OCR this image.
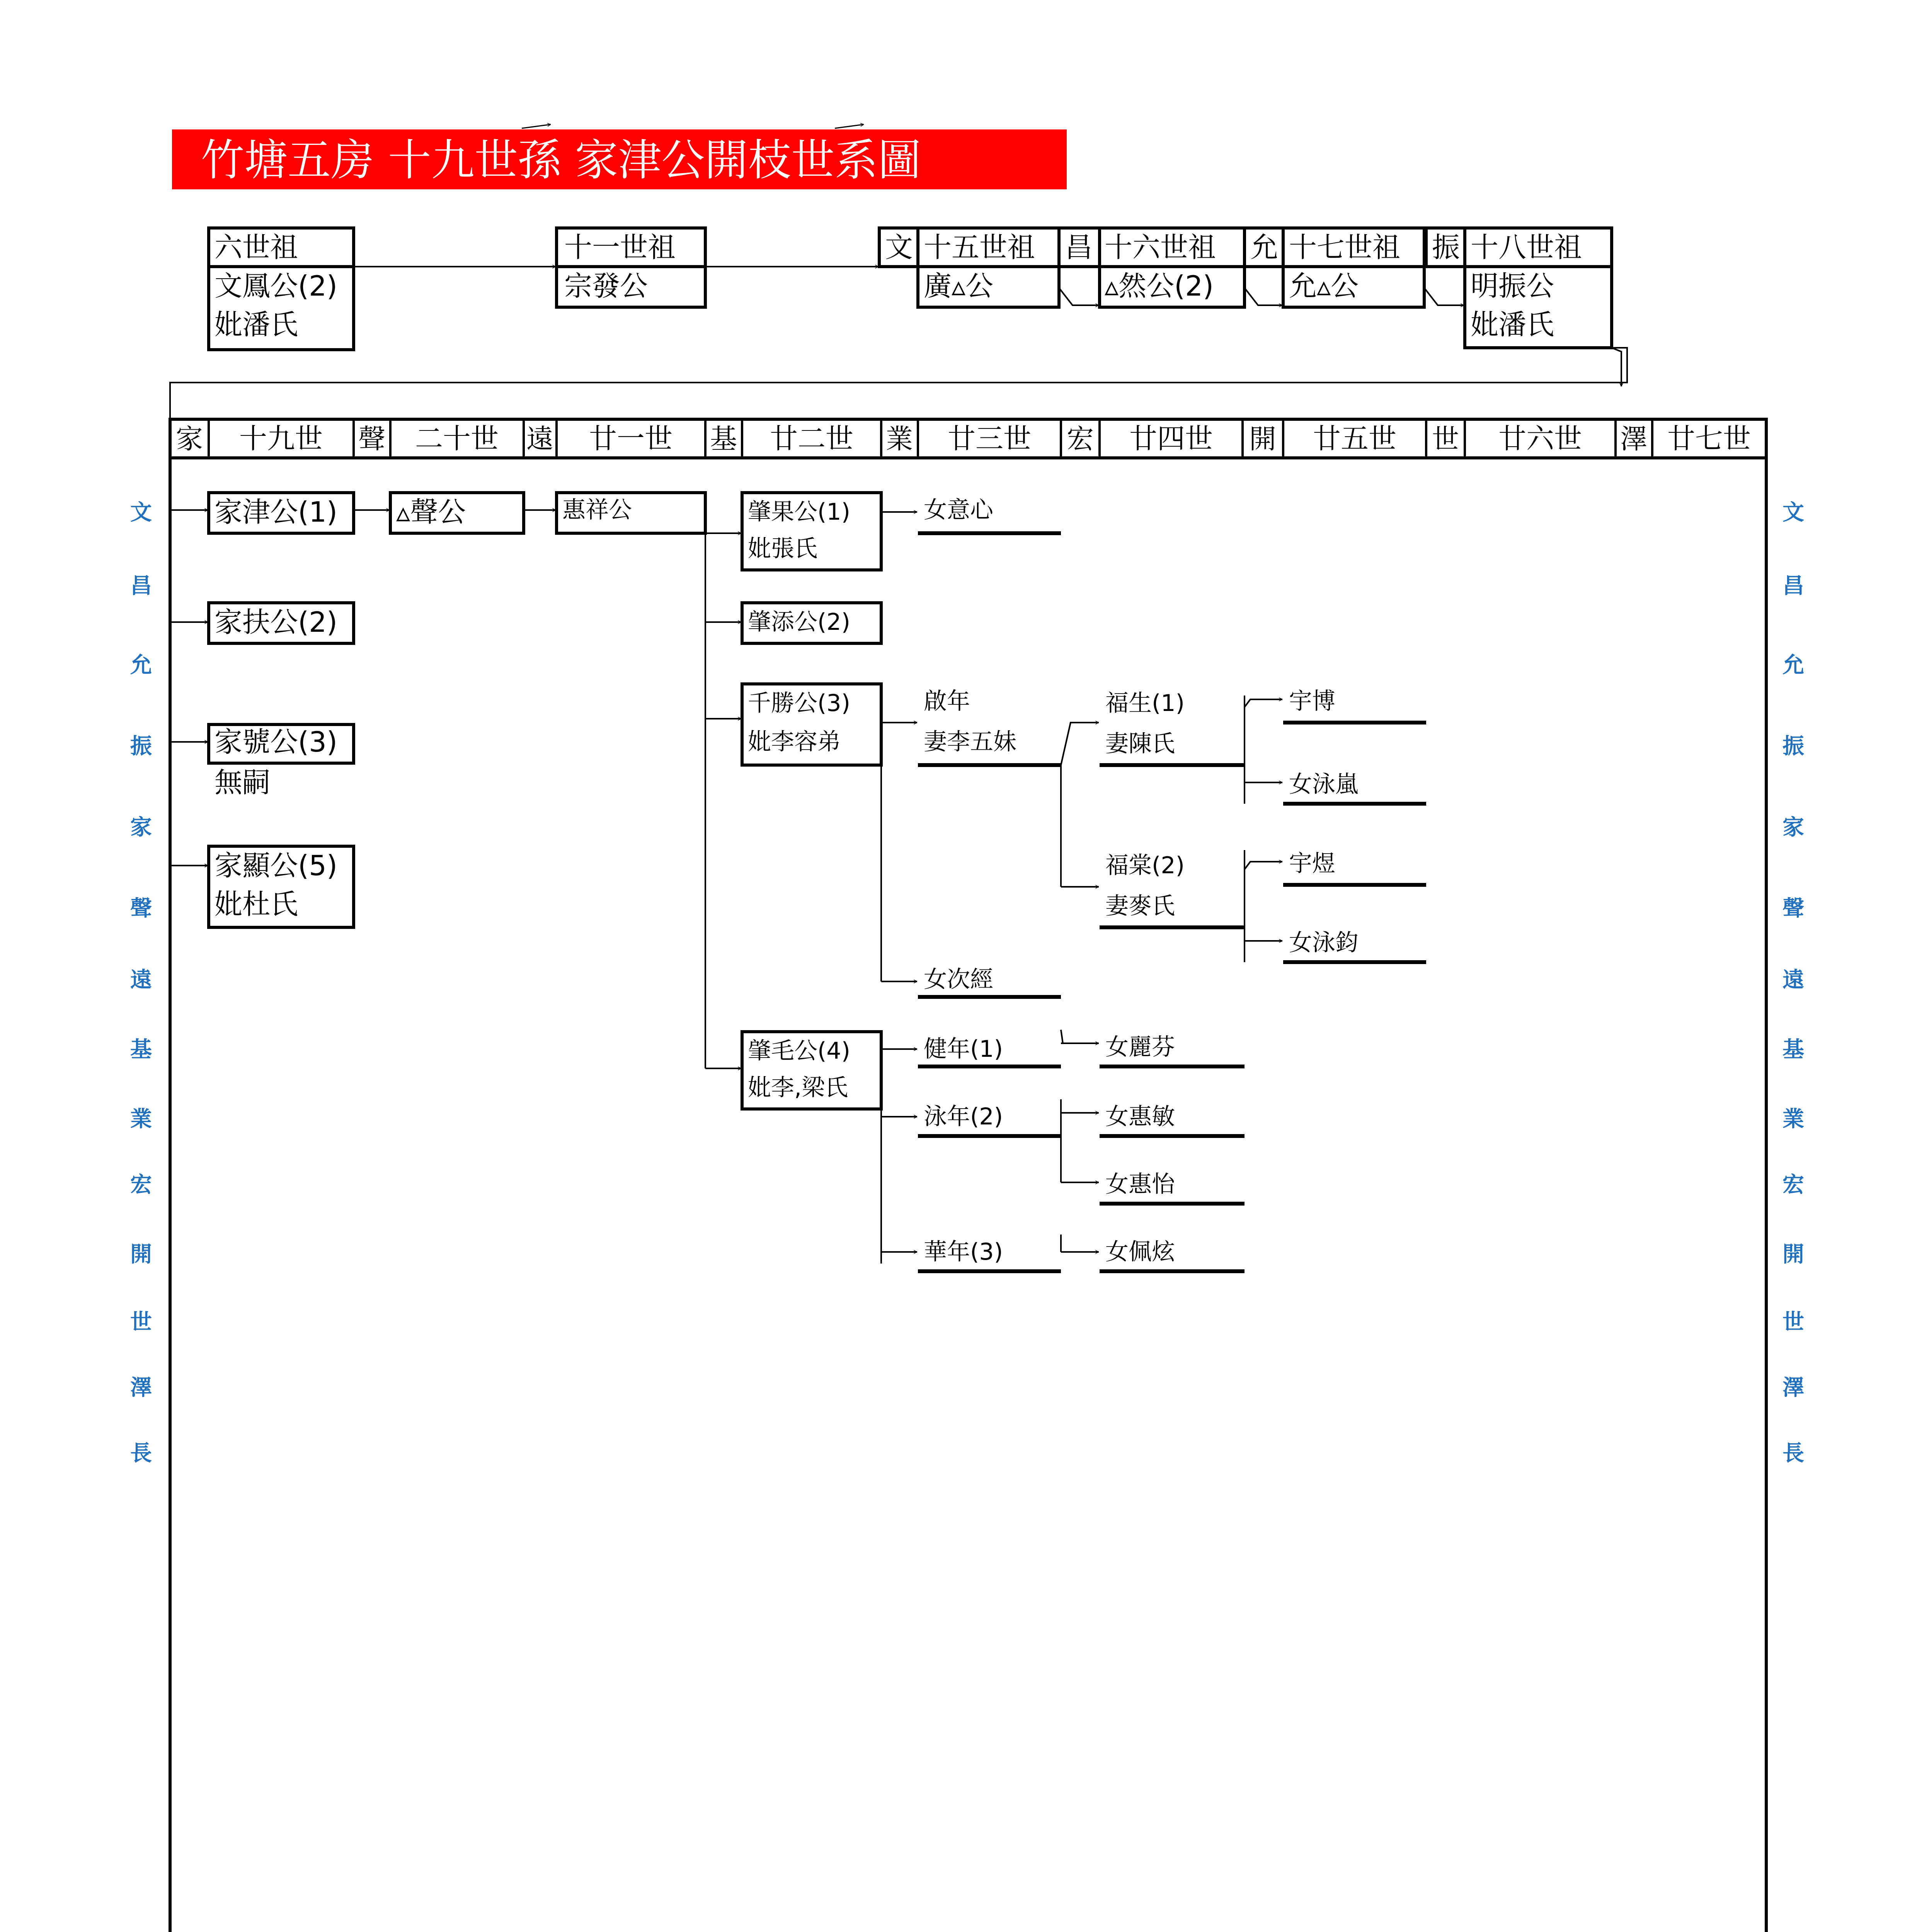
竹塘五房 十九世孫 家津公開枝世系圖
六世祖
文鳳公(2)
妣潘氏
十一世祖
宗發公
文 十五世祖
廣▵公
昌 十六世祖
▵然公(2)
允 十七世祖
允▵公
振 十八世祖
明振公
妣潘氏
家 十九世 聲 二十世 遠 廿一世 基 廿二世 業 廿三世 宏 廿四世 開 廿五世 世 廿六世 澤 廿七世
文
昌
允
振
家
聲
遠
基
業
宏
開
世
澤
長
文
昌
允
振
家
聲
遠
基
業
宏
開
世
澤
長
家津公(1)
家扶公(2)
家號公(3)
無嗣
家顯公(5)
妣杜氏
▵聲公	惠祥公	肇果公(1)
妣張氏
肇添公(2)
千勝公(3)
妣李容弟
肇毛公(4)
妣李,梁氏
女意心
啟年
妻李五妹
女次經
健年(1)
泳年(2)
華年(3)
福生(1)
妻陳氏
福棠(2)
妻麥氏
女麗芬
女惠敏
女惠怡
女佩炫
宇博
女泳嵐
宇煜
女泳鈞
